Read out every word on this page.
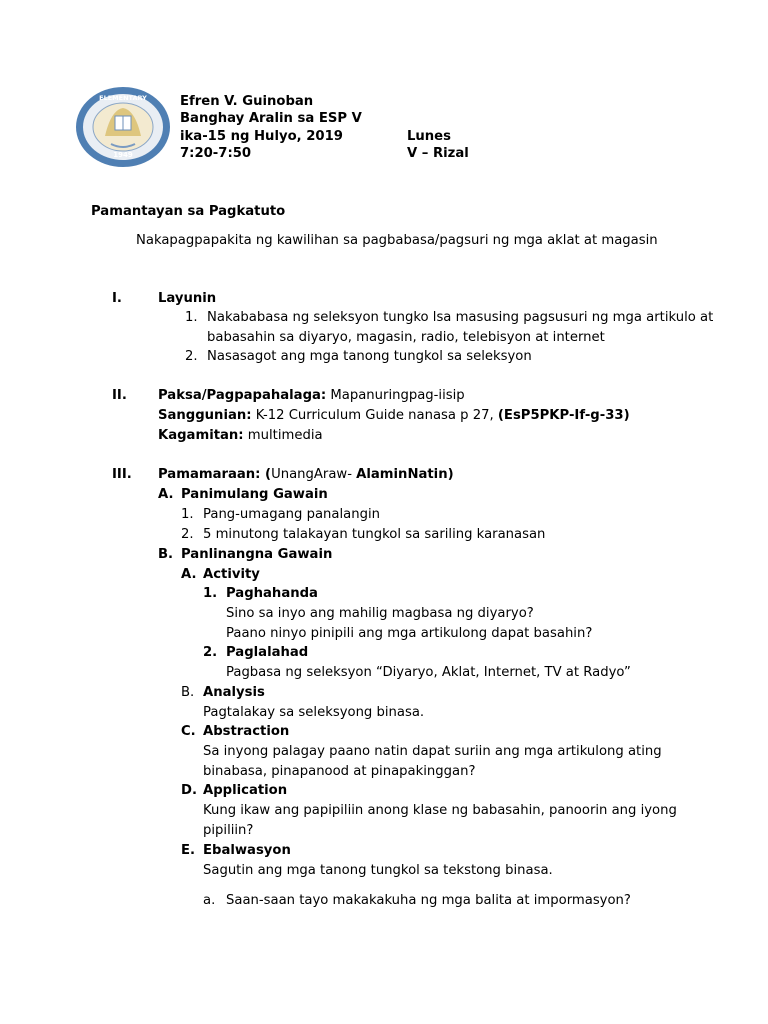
1949
ELEMENTARY	Efren V. Guinoban
Banghay Aralin sa ESP V
ika-15 ng Hulyo, 2019	Lunes
7:20-7:50	V – Rizal
Pamantayan sa Pagkatuto
Nakapagpapakita ng kawilihan sa pagbabasa/pagsuri ng mga aklat at magasin
I.	Layunin
1. Nakababasa ng seleksyon tungko lsa masusing pagsusuri ng mga artikulo at
babasahin sa diyaryo, magasin, radio, telebisyon at internet
2. Nasasagot ang mga tanong tungkol sa seleksyon
II. Paksa/Pagpapahalaga: Mapanuringpag-iisip
Sanggunian: K-12 Curriculum Guide nanasa p 27, (EsP5PKP-If-g-33)
Kagamitan: multimedia
III. Pamamaraan: (UnangAraw- AlaminNatin)
A. Panimulang Gawain
1. Pang-umagang panalangin
2. 5 minutong talakayan tungkol sa sariling karanasan
B. Panlinangna Gawain
A. Activity
1. Paghahanda
Sino sa inyo ang mahilig magbasa ng diyaryo?
Paano ninyo pinipili ang mga artikulong dapat basahin?
2. Paglalahad
Pagbasa ng seleksyon “Diyaryo, Aklat, Internet, TV at Radyo”
B. Analysis
Pagtalakay sa seleksyong binasa.
C. Abstraction
Sa inyong palagay paano natin dapat suriin ang mga artikulong ating
binabasa, pinapanood at pinapakinggan?
D. Application
Kung ikaw ang papipiliin anong klase ng babasahin, panoorin ang iyong
pipiliin?
E. Ebalwasyon
Sagutin ang mga tanong tungkol sa tekstong binasa.
a. Saan-saan tayo makakakuha ng mga balita at impormasyon?
